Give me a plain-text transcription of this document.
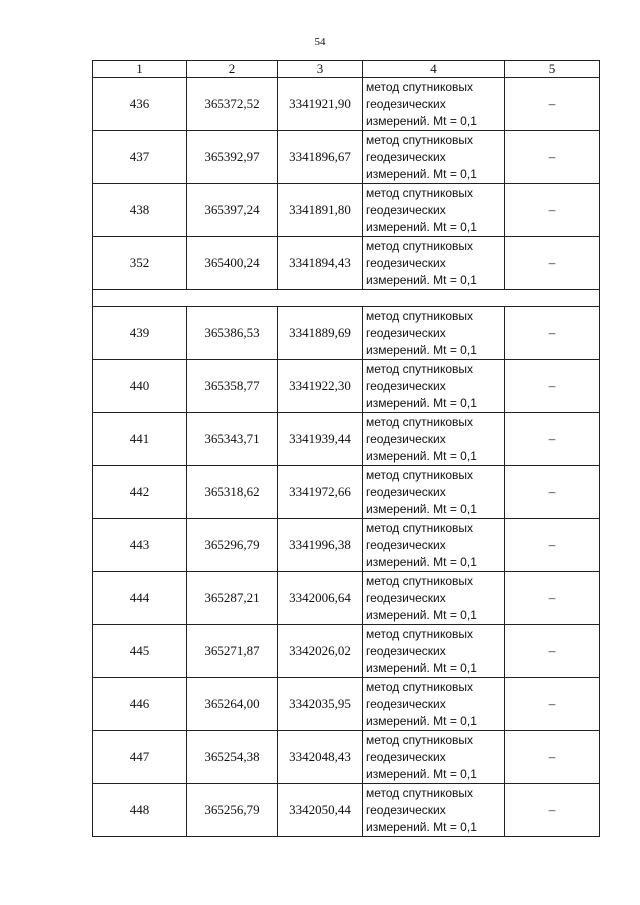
54
1	2	3	4	5
436	365372,52	3341921,90	метод спутниковых
геодезических
измерений. Mt = 0,1	–
437	365392,97	3341896,67	метод спутниковых
геодезических
измерений. Mt = 0,1	–
438	365397,24	3341891,80	метод спутниковых
геодезических
измерений. Mt = 0,1	–
352	365400,24	3341894,43	метод спутниковых
геодезических
измерений. Mt = 0,1	–

439	365386,53	3341889,69	метод спутниковых
геодезических
измерений. Mt = 0,1	–
440	365358,77	3341922,30	метод спутниковых
геодезических
измерений. Mt = 0,1	–
441	365343,71	3341939,44	метод спутниковых
геодезических
измерений. Mt = 0,1	–
442	365318,62	3341972,66	метод спутниковых
геодезических
измерений. Mt = 0,1	–
443	365296,79	3341996,38	метод спутниковых
геодезических
измерений. Mt = 0,1	–
444	365287,21	3342006,64	метод спутниковых
геодезических
измерений. Mt = 0,1	–
445	365271,87	3342026,02	метод спутниковых
геодезических
измерений. Mt = 0,1	–
446	365264,00	3342035,95	метод спутниковых
геодезических
измерений. Mt = 0,1	–
447	365254,38	3342048,43	метод спутниковых
геодезических
измерений. Mt = 0,1	–
448	365256,79	3342050,44	метод спутниковых
геодезических
измерений. Mt = 0,1	–
